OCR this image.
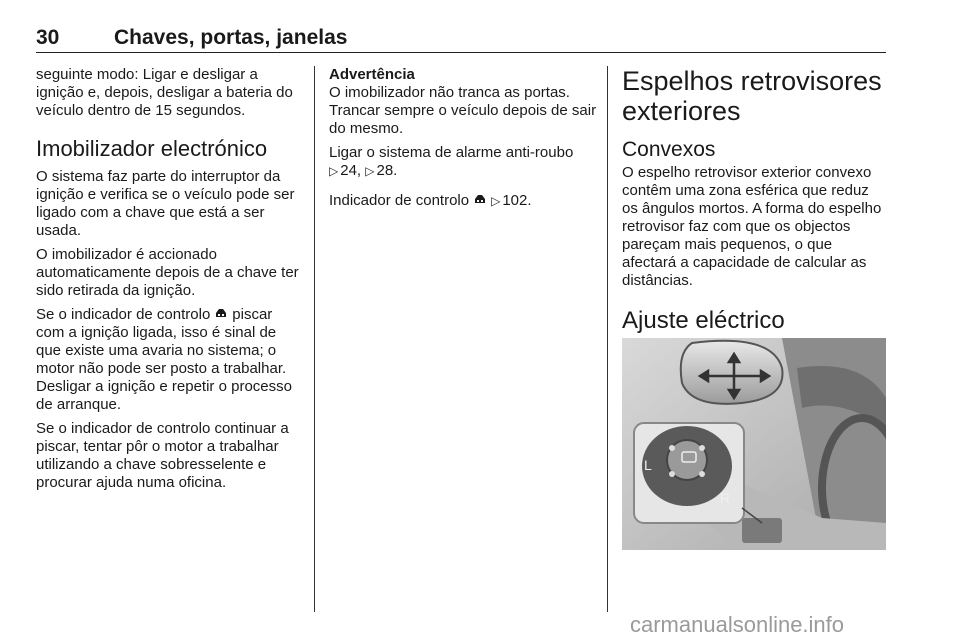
30	Chaves, portas, janelas

seguinte modo: Ligar e desligar a ignição e, depois, desligar a bateria do veículo dentro de 15 segundos.

Imobilizador electrónico

O sistema faz parte do interruptor da ignição e verifica se o veículo pode ser ligado com a chave que está a ser usada.

O imobilizador é accionado automaticamente depois de a chave ter sido retirada da ignição.

Se o indicador de controlo piscar com a ignição ligada, isso é sinal de que existe uma avaria no sistema; o motor não pode ser posto a trabalhar. Desligar a ignição e repetir o processo de arranque.

Se o indicador de controlo continuar a piscar, tentar pôr o motor a trabalhar utilizando a chave sobresselente e procurar ajuda numa oficina.

Advertência

O imobilizador não tranca as portas. Trancar sempre o veículo depois de sair do mesmo.

Ligar o sistema de alarme anti-roubo ▷ 24, ▷ 28.

Indicador de controlo ▷ 102.

Espelhos retrovisores exteriores
Convexos

O espelho retrovisor exterior convexo contêm uma zona esférica que reduz os ângulos mortos. A forma do espelho retrovisor faz com que os objectos pareçam mais pequenos, o que afectará a capacidade de calcular as distâncias.

Ajuste eléctrico
L
R
carmanualsonline.info
